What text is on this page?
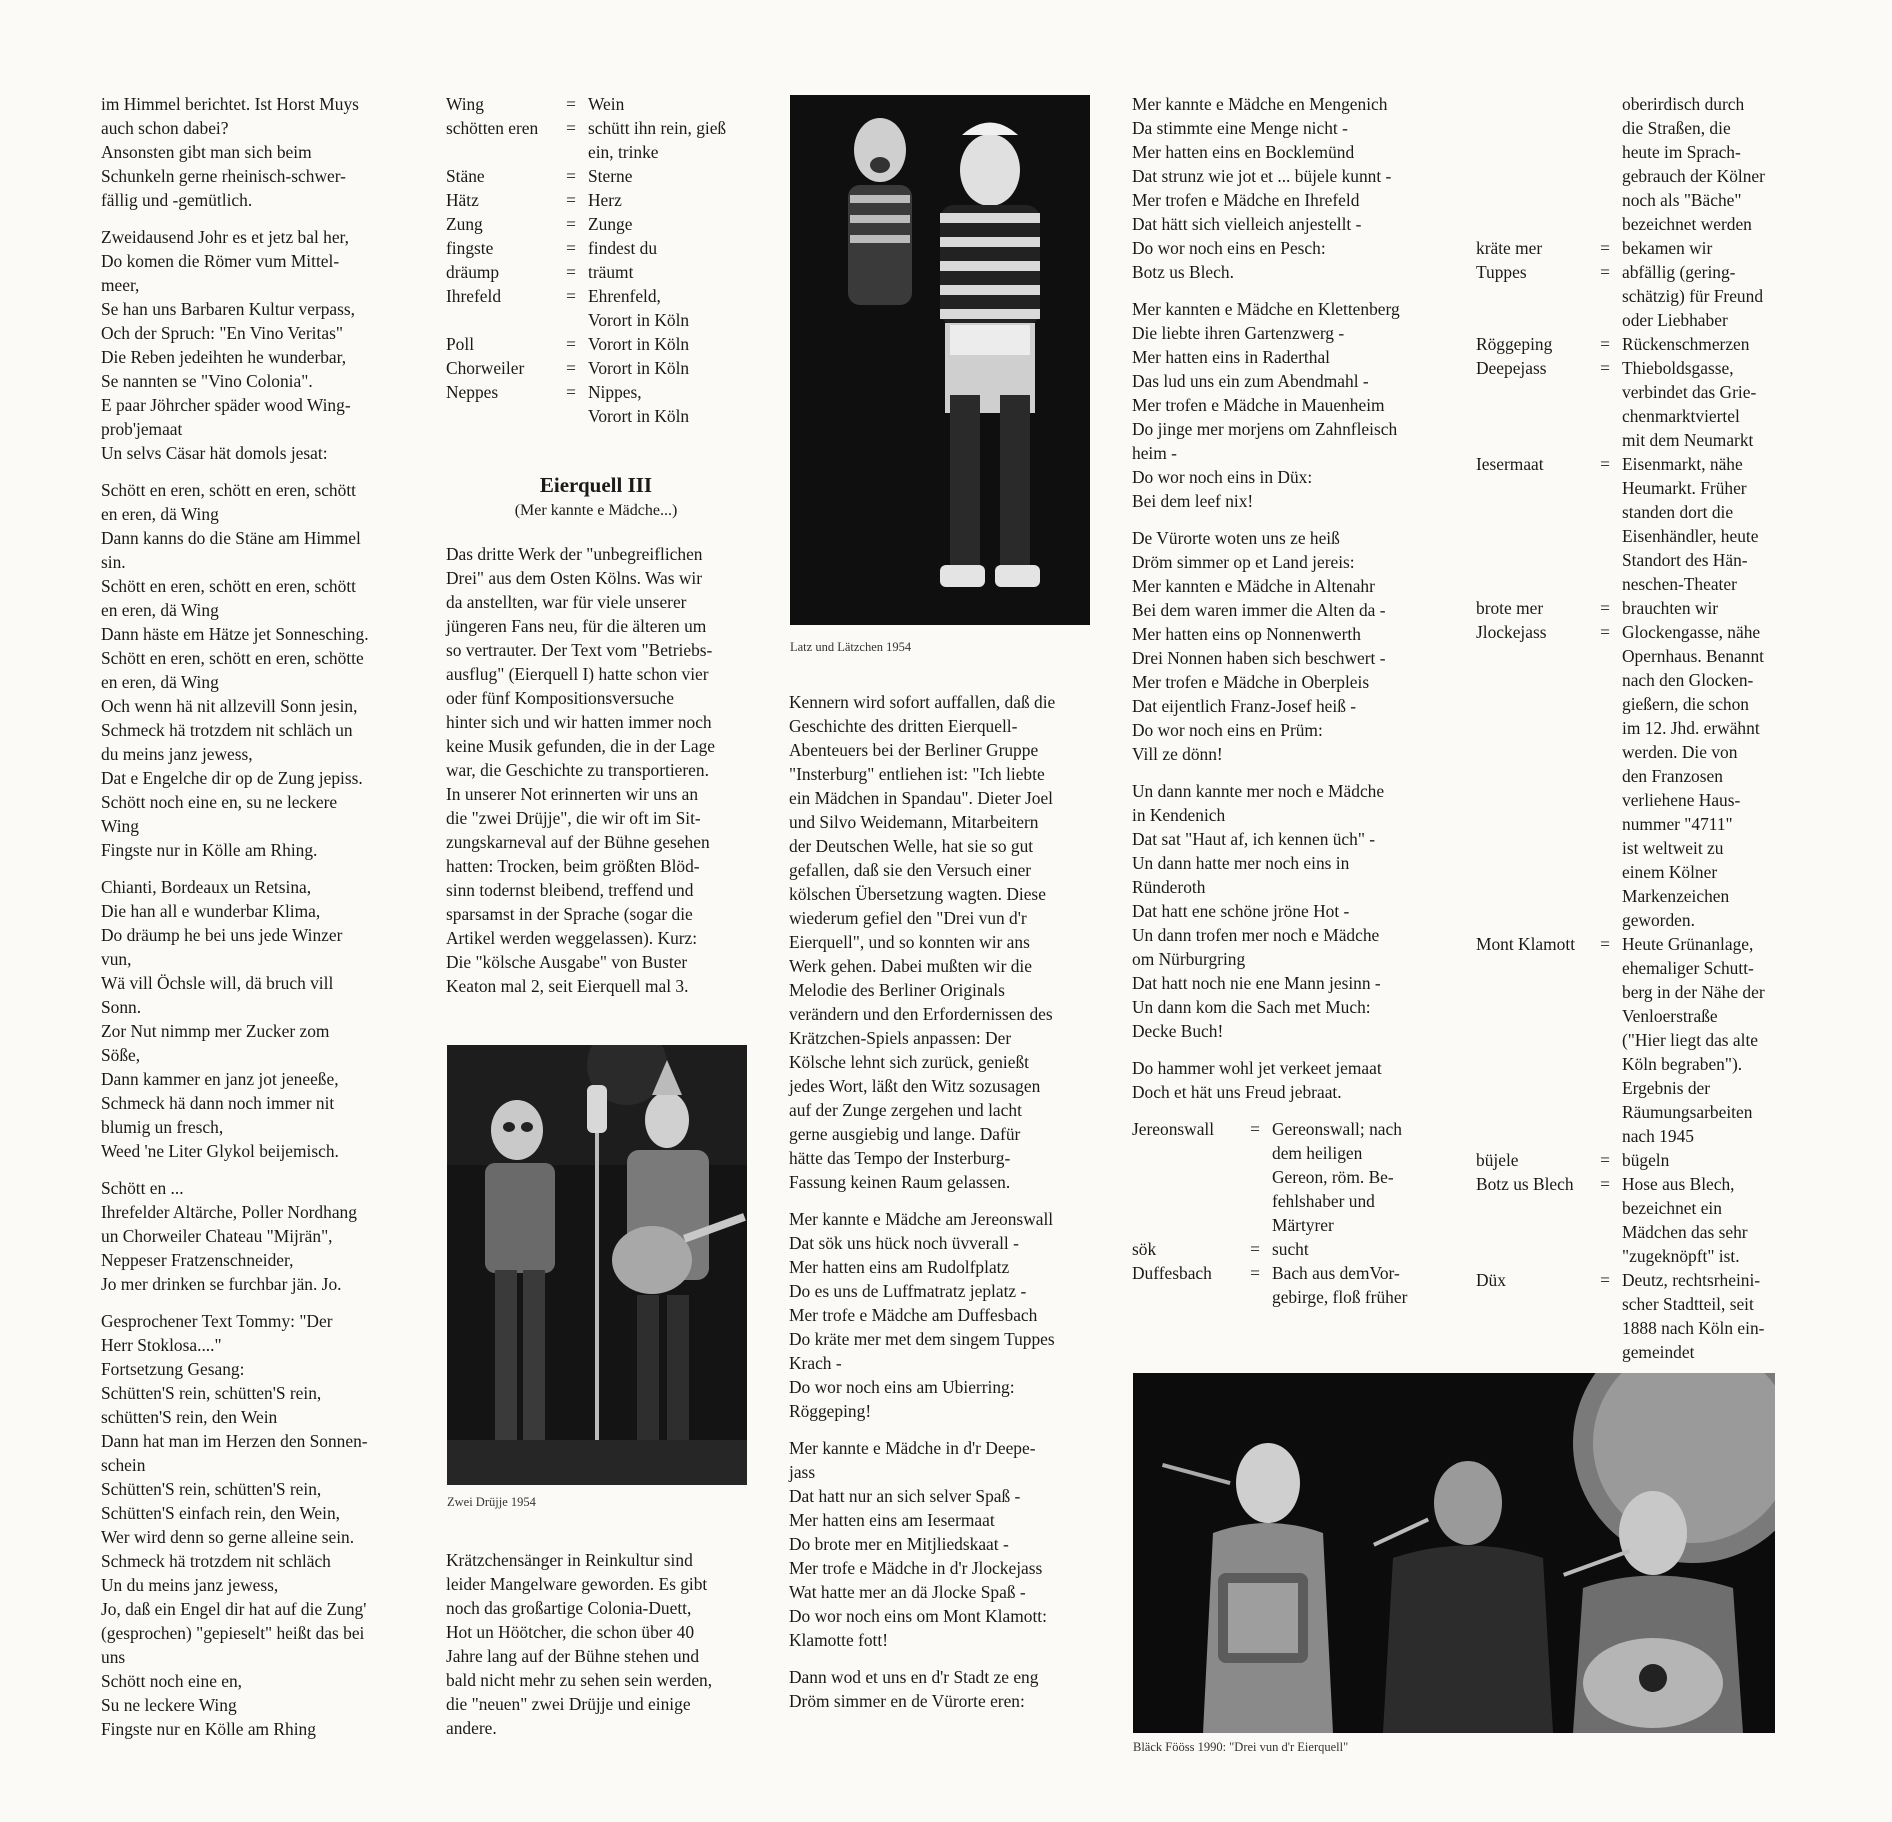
im Himmel berichtet. Ist Horst Muys

auch schon dabei?

Ansonsten gibt man sich beim

Schunkeln gerne rheinisch-schwer-

fällig und -gemütlich.

Zweidausend Johr es et jetz bal her,

Do komen die Römer vum Mittel-

meer,

Se han uns Barbaren Kultur verpass,

Och der Spruch: "En Vino Veritas"

Die Reben jedeihten he wunderbar,

Se nannten se "Vino Colonia".

E paar Jöhrcher späder wood Wing-

prob'jemaat

Un selvs Cäsar hät domols jesat:

Schött en eren, schött en eren, schött

en eren, dä Wing

Dann kanns do die Stäne am Himmel

sin.

Schött en eren, schött en eren, schött

en eren, dä Wing

Dann häste em Hätze jet Sonnesching.

Schött en eren, schött en eren, schötte

en eren, dä Wing

Och wenn hä nit allzevill Sonn jesin,

Schmeck hä trotzdem nit schläch un

du meins janz jewess,

Dat e Engelche dir op de Zung jepiss.

Schött noch eine en, su ne leckere

Wing

Fingste nur in Kölle am Rhing.

Chianti, Bordeaux un Retsina,

Die han all e wunderbar Klima,

Do dräump he bei uns jede Winzer

vun,

Wä vill Öchsle will, dä bruch vill

Sonn.

Zor Nut nimmp mer Zucker zom

Söße,

Dann kammer en janz jot jeneeße,

Schmeck hä dann noch immer nit

blumig un fresch,

Weed 'ne Liter Glykol beijemisch.

Schött en ...

Ihrefelder Altärche, Poller Nordhang

un Chorweiler Chateau "Mijrän",

Neppeser Fratzenschneider,

Jo mer drinken se furchbar jän. Jo.

Gesprochener Text Tommy: "Der

Herr Stoklosa...."

Fortsetzung Gesang:

Schütten'S rein, schütten'S rein,

schütten'S rein, den Wein

Dann hat man im Herzen den Sonnen-

schein

Schütten'S rein, schütten'S rein,

Schütten'S einfach rein, den Wein,

Wer wird denn so gerne alleine sein.

Schmeck hä trotzdem nit schläch

Un du meins janz jewess,

Jo, daß ein Engel dir hat auf die Zung'

(gesprochen) "gepieselt" heißt das bei

uns

Schött noch eine en,

Su ne leckere Wing

Fingste nur en Kölle am Rhing

Wing	= Wein
schötten eren	= schütt ihn rein, gieß
ein, trinke
Stäne	= Sterne
Hätz	= Herz
Zung	= Zunge
fingste	= findest du
dräump	= träumt
Ihrefeld	= Ehrenfeld,
Vorort in Köln
Poll	= Vorort in Köln
Chorweiler	= Vorort in Köln
Neppes	= Nippes,
Vorort in Köln
Eierquell III
(Mer kannte e Mädche...)

Das dritte Werk der "unbegreiflichen

Drei" aus dem Osten Kölns. Was wir

da anstellten, war für viele unserer

jüngeren Fans neu, für die älteren um

so vertrauter. Der Text vom "Betriebs-

ausflug" (Eierquell I) hatte schon vier

oder fünf Kompositionsversuche

hinter sich und wir hatten immer noch

keine Musik gefunden, die in der Lage

war, die Geschichte zu transportieren.

In unserer Not erinnerten wir uns an

die "zwei Drüjje", die wir oft im Sit-

zungskarneval auf der Bühne gesehen

hatten: Trocken, beim größten Blöd-

sinn todernst bleibend, treffend und

sparsamst in der Sprache (sogar die

Artikel werden weggelassen). Kurz:

Die "kölsche Ausgabe" von Buster

Keaton mal 2, seit Eierquell mal 3.

Zwei Drüjje 1954

Krätzchensänger in Reinkultur sind

leider Mangelware geworden. Es gibt

noch das großartige Colonia-Duett,

Hot un Höötcher, die schon über 40

Jahre lang auf der Bühne stehen und

bald nicht mehr zu sehen sein werden,

die "neuen" zwei Drüjje und einige

andere.

Latz und Lätzchen 1954

Kennern wird sofort auffallen, daß die

Geschichte des dritten Eierquell-

Abenteuers bei der Berliner Gruppe

"Insterburg" entliehen ist: "Ich liebte

ein Mädchen in Spandau". Dieter Joel

und Silvo Weidemann, Mitarbeitern

der Deutschen Welle, hat sie so gut

gefallen, daß sie den Versuch einer

kölschen Übersetzung wagten. Diese

wiederum gefiel den "Drei vun d'r

Eierquell", und so konnten wir ans

Werk gehen. Dabei mußten wir die

Melodie des Berliner Originals

verändern und den Erfordernissen des

Krätzchen-Spiels anpassen: Der

Kölsche lehnt sich zurück, genießt

jedes Wort, läßt den Witz sozusagen

auf der Zunge zergehen und lacht

gerne ausgiebig und lange. Dafür

hätte das Tempo der Insterburg-

Fassung keinen Raum gelassen.

Mer kannte e Mädche am Jereonswall

Dat sök uns hück noch üvverall -

Mer hatten eins am Rudolfplatz

Do es uns de Luffmatratz jeplatz -

Mer trofe e Mädche am Duffesbach

Do kräte mer met dem singem Tuppes

Krach -

Do wor noch eins am Ubierring:

Röggeping!

Mer kannte e Mädche in d'r Deepe-

jass

Dat hatt nur an sich selver Spaß -

Mer hatten eins am Iesermaat

Do brote mer en Mitjliedskaat -

Mer trofe e Mädche in d'r Jlockejass

Wat hatte mer an dä Jlocke Spaß -

Do wor noch eins om Mont Klamott:

Klamotte fott!

Dann wod et uns en d'r Stadt ze eng

Dröm simmer en de Vürorte eren:

Mer kannte e Mädche en Mengenich

Da stimmte eine Menge nicht -

Mer hatten eins en Bocklemünd

Dat strunz wie jot et ... büjele kunnt -

Mer trofen e Mädche en Ihrefeld

Dat hätt sich vielleich anjestellt -

Do wor noch eins en Pesch:

Botz us Blech.

Mer kannten e Mädche en Klettenberg

Die liebte ihren Gartenzwerg -

Mer hatten eins in Raderthal

Das lud uns ein zum Abendmahl -

Mer trofen e Mädche in Mauenheim

Do jinge mer morjens om Zahnfleisch

heim -

Do wor noch eins in Düx:

Bei dem leef nix!

De Vürorte woten uns ze heiß

Dröm simmer op et Land jereis:

Mer kannten e Mädche in Altenahr

Bei dem waren immer die Alten da -

Mer hatten eins op Nonnenwerth

Drei Nonnen haben sich beschwert -

Mer trofen e Mädche in Oberpleis

Dat eijentlich Franz-Josef heiß -

Do wor noch eins en Prüm:

Vill ze dönn!

Un dann kannte mer noch e Mädche

in Kendenich

Dat sat "Haut af, ich kennen üch" -

Un dann hatte mer noch eins in

Ründeroth

Dat hatt ene schöne jröne Hot -

Un dann trofen mer noch e Mädche

om Nürburgring

Dat hatt noch nie ene Mann jesinn -

Un dann kom die Sach met Much:

Decke Buch!

Do hammer wohl jet verkeet jemaat

Doch et hät uns Freud jebraat.

Jereonswall	= Gereonswall; nach
dem heiligen
Gereon, röm. Be-
fehlshaber und
Märtyrer
sök	= sucht
Duffesbach	= Bach aus demVor-
gebirge, floß früher
oberirdisch durch
die Straßen, die
heute im Sprach-
gebrauch der Kölner
noch als "Bäche"
bezeichnet werden
kräte mer	= bekamen wir
Tuppes	= abfällig (gering-
schätzig) für Freund
oder Liebhaber
Röggeping	= Rückenschmerzen
Deepejass	= Thieboldsgasse,
verbindet das Grie-
chenmarktviertel
mit dem Neumarkt
Iesermaat	= Eisenmarkt, nähe
Heumarkt. Früher
standen dort die
Eisenhändler, heute
Standort des Hän-
neschen-Theater
brote mer	= brauchten wir
Jlockejass	= Glockengasse, nähe
Opernhaus. Benannt
nach den Glocken-
gießern, die schon
im 12. Jhd. erwähnt
werden. Die von
den Franzosen
verliehene Haus-
nummer "4711"
ist weltweit zu
einem Kölner
Markenzeichen
geworden.
Mont Klamott	= Heute Grünanlage,
ehemaliger Schutt-
berg in der Nähe der
Venloerstraße
("Hier liegt das alte
Köln begraben").
Ergebnis der
Räumungsarbeiten
nach 1945
büjele	= bügeln
Botz us Blech	= Hose aus Blech,
bezeichnet ein
Mädchen das sehr
"zugeknöpft" ist.
Düx	= Deutz, rechtsrheini-
scher Stadtteil, seit
1888 nach Köln ein-
gemeindet
Bläck Fööss 1990: "Drei vun d'r Eierquell"
